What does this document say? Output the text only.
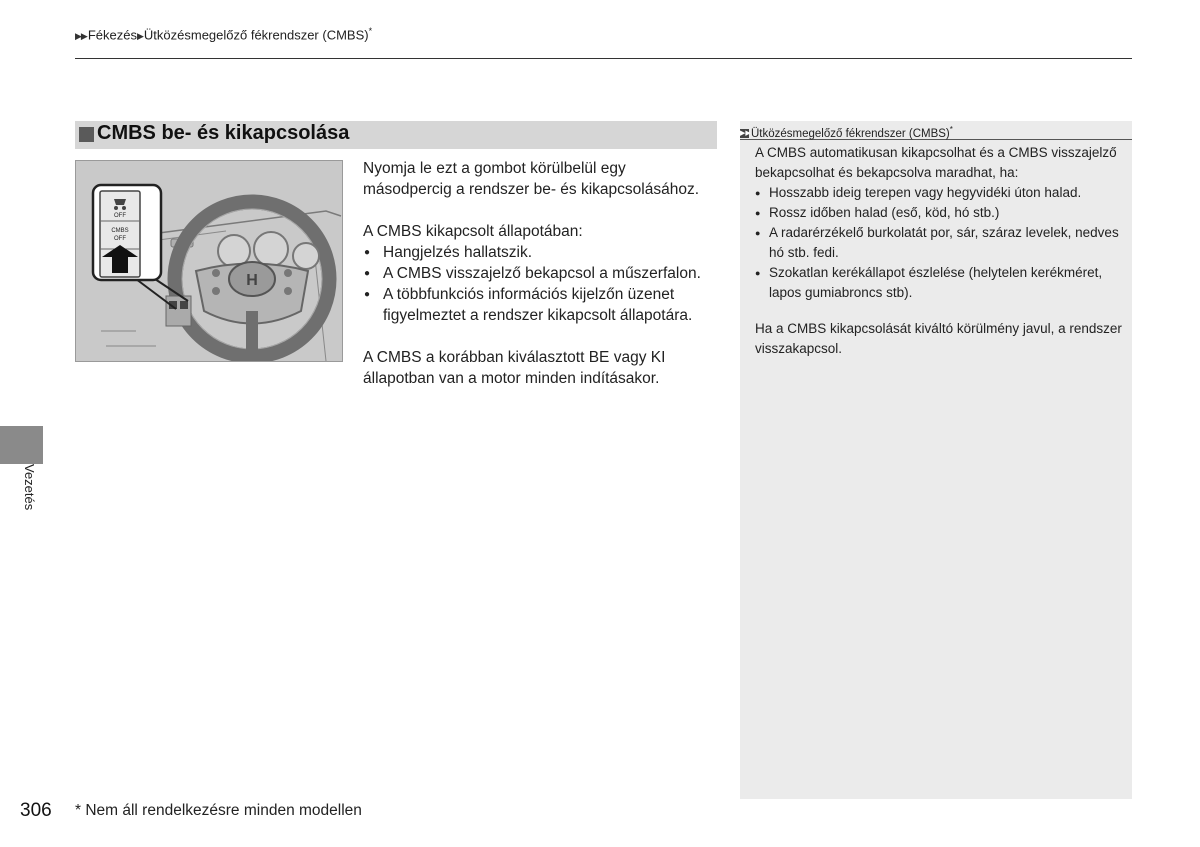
▶▶Fékezés▶Ütközésmegelőző fékrendszer (CMBS)*
CMBS be- és kikapcsolása
H
OFF
CMBS
OFF

Nyomja le ezt a gombot körülbelül egy másodpercig a rendszer be- és kikapcsolásához.

A CMBS kikapcsolt állapotában:

● Hangjelzés hallatszik.
● A CMBS visszajelző bekapcsol a műszerfalon.
● A többfunkciós információs kijelzőn üzenet figyelmeztet a rendszer kikapcsolt állapotára.

A CMBS a korábban kiválasztott BE vagy KI állapotban van a motor minden indításakor.

▶▶Ütközésmegelőző fékrendszer (CMBS)*

A CMBS automatikusan kikapcsolhat és a CMBS visszajelző bekapcsolhat és bekapcsolva maradhat, ha:

● Hosszabb ideig terepen vagy hegyvidéki úton halad.
● Rossz időben halad (eső, köd, hó stb.)
● A radarérzékelő burkolatát por, sár, száraz levelek, nedves hó stb. fedi.
● Szokatlan kerékállapot észlelése (helytelen kerékméret, lapos gumiabroncs stb).

Ha a CMBS kikapcsolását kiváltó körülmény javul, a rendszer visszakapcsol.

Vezetés
306 * Nem áll rendelkezésre minden modellen
